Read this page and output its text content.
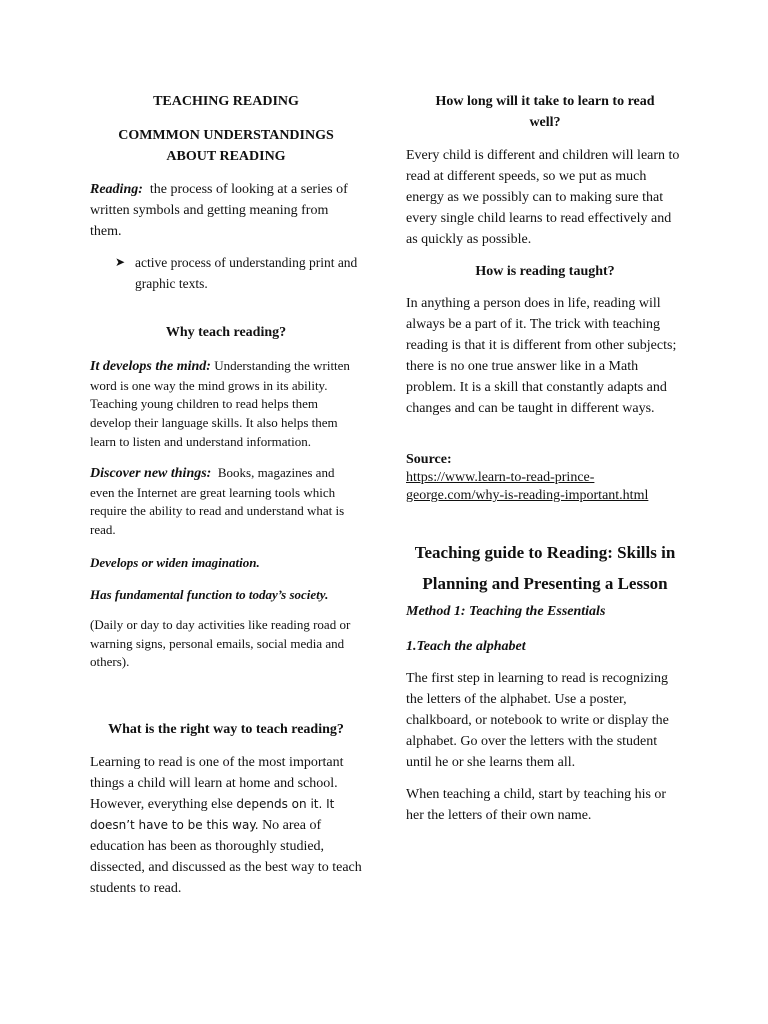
TEACHING READING

COMMMON UNDERSTANDINGS
ABOUT READING

Reading: the process of looking at a series of written symbols and getting meaning from them.

➤ active process of understanding print and graphic texts.

Why teach reading?

It develops the mind: Understanding the written word is one way the mind grows in its ability. Teaching young children to read helps them develop their language skills. It also helps them learn to listen and understand information.

Discover new things: Books, magazines and even the Internet are great learning tools which require the ability to read and understand what is read.

Develops or widen imagination.

Has fundamental function to today’s society.

(Daily or day to day activities like reading road or warning signs, personal emails, social media and others).

What is the right way to teach reading?

Learning to read is one of the most important things a child will learn at home and school. However, everything else depends on it. It doesn’t have to be this way. No area of education has been as thoroughly studied, dissected, and discussed as the best way to teach students to read.

How long will it take to learn to read well?

Every child is different and children will learn to read at different speeds, so we put as much energy as we possibly can to making sure that every single child learns to read effectively and as quickly as possible.

How is reading taught?

In anything a person does in life, reading will always be a part of it. The trick with teaching reading is that it is different from other subjects; there is no one true answer like in a Math problem. It is a skill that constantly adapts and changes and can be taught in different ways.

Source:
https://www.learn-to-read-prince-george.com/why-is-reading-important.html

Teaching guide to Reading: Skills in Planning and Presenting a Lesson

Method 1: Teaching the Essentials

1.Teach the alphabet

The first step in learning to read is recognizing the letters of the alphabet. Use a poster, chalkboard, or notebook to write or display the alphabet. Go over the letters with the student until he or she learns them all.

When teaching a child, start by teaching his or her the letters of their own name.
